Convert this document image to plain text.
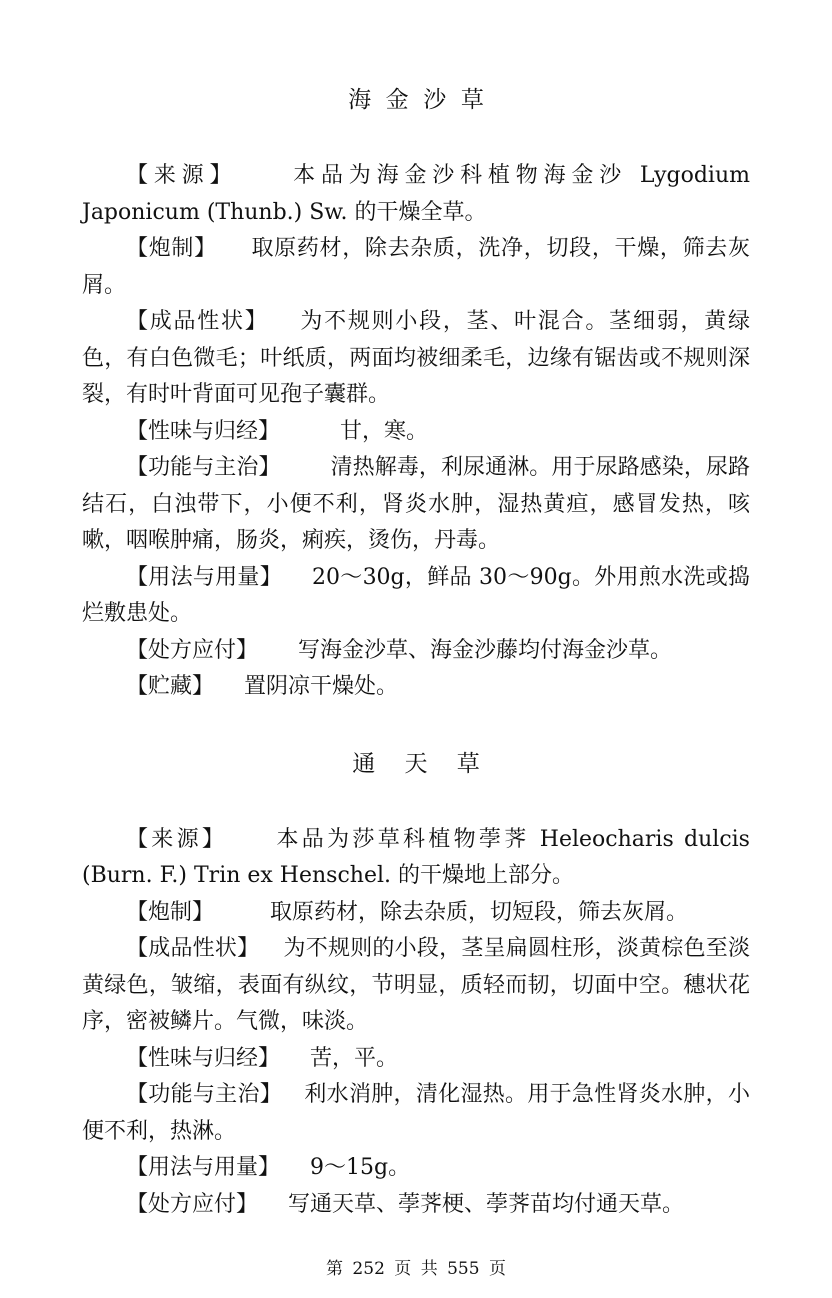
海  金  沙  草

【来源】 本品为海金沙科植物海金沙 Lygodium Japonicum (Thunb.) Sw. 的干燥全草。

【炮制】 取原药材，除去杂质，洗净，切段，干燥，筛去灰屑。

【成品性状】 为不规则小段，茎、叶混合。茎细弱，黄绿色，有白色微毛；叶纸质，两面均被细柔毛，边缘有锯齿或不规则深裂，有时叶背面可见孢子囊群。

【性味与归经】	甘，寒。

【功能与主治】 清热解毒，利尿通淋。用于尿路感染，尿路结石，白浊带下，小便不利，肾炎水肿，湿热黄疸，感冒发热，咳嗽，咽喉肿痛，肠炎，痢疾，烫伤，丹毒。

【用法与用量】 20～30g，鲜品 30～90g。外用煎水洗或捣烂敷患处。

【处方应付】 写海金沙草、海金沙藤均付海金沙草。

【贮藏】 置阴凉干燥处。

通    天    草

【来源】 本品为莎草科植物荸荠 Heleocharis dulcis (Burn. F.) Trin ex Henschel. 的干燥地上部分。

【炮制】	取原药材，除去杂质，切短段，筛去灰屑。

【成品性状】 为不规则的小段，茎呈扁圆柱形，淡黄棕色至淡黄绿色，皱缩，表面有纵纹，节明显，质轻而韧，切面中空。穗状花序，密被鳞片。气微，味淡。

【性味与归经】 苦，平。

【功能与主治】 利水消肿，清化湿热。用于急性肾炎水肿，小便不利，热淋。

【用法与用量】 9～15g。

【处方应付】 写通天草、荸荠梗、荸荠苗均付通天草。

第 252 页 共 555 页
